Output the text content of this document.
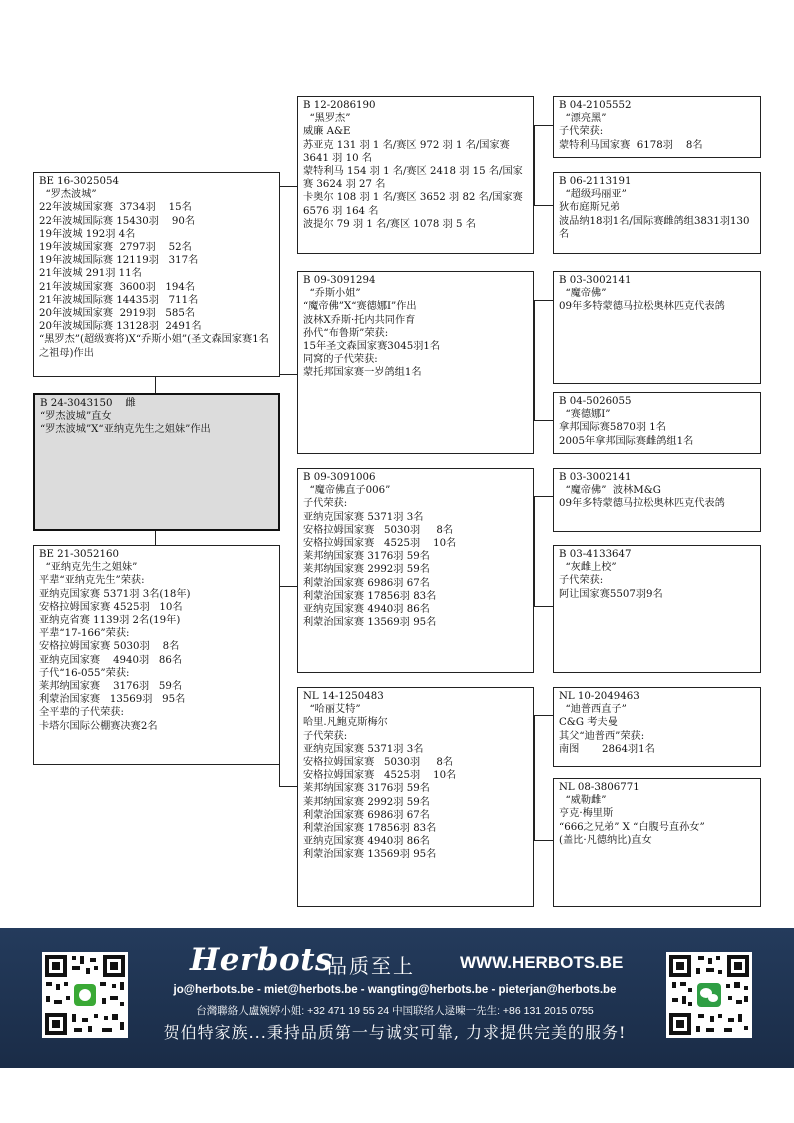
BE 16-3025054
“罗杰波城”
22年波城国家赛  3734羽    15名
22年波城国际赛 15430羽    90名
19年波城 192羽 4名
19年波城国家赛  2797羽    52名
19年波城国际赛 12119羽   317名
21年波城 291羽 11名
21年波城国家赛  3600羽   194名
21年波城国际赛 14435羽   711名
20年波城国家赛  2919羽   585名
20年波城国际赛 13128羽  2491名
“黑罗杰”(超级赛将)X“乔斯小姐”(圣文森国家赛1名之祖母)作出
B 24-3043150    雌
“罗杰波城”直女
“罗杰波城”X“亚纳克先生之姐妹”作出
BE 21-3052160
“亚纳克先生之姐妹”
平辈“亚纳克先生”荣获:
亚纳克国家赛 5371羽 3名(18年)
安格拉姆国家赛 4525羽   10名
亚纳克省赛 1139羽 2名(19年)
平辈“17-166”荣获:
安格拉姆国家赛 5030羽    8名
亚纳克国家赛    4940羽   86名
子代“16-055”荣获:
莱邦纳国家赛    3176羽   59名
利蒙治国家赛   13569羽   95名
全平辈的子代荣获:
卡塔尔国际公棚赛决赛2名
B 12-2086190
“黑罗杰”
威廉 A&E
苏亚克 131 羽 1 名/赛区 972 羽 1 名/国家赛 3641 羽 10 名
蒙特利马 154 羽 1 名/赛区 2418 羽 15 名/国家赛 3624 羽 27 名
卡奥尔 108 羽 1 名/赛区 3652 羽 82 名/国家赛 6576 羽 164 名
波提尔 79 羽 1 名/赛区 1078 羽 5 名
B 09-3091294
“乔斯小姐”
“魔帝佛”X“赛德娜I”作出
波林X乔斯·托内共同作育
孙代“布鲁斯”荣获:
15年圣文森国家赛3045羽1名
同窝的子代荣获:
蒙托邦国家赛一岁鸽组1名
B 09-3091006
“魔帝佛直子006”
子代荣获:
亚纳克国家赛 5371羽 3名
安格拉姆国家赛   5030羽     8名
安格拉姆国家赛   4525羽    10名
莱邦纳国家赛 3176羽 59名
莱邦纳国家赛 2992羽 59名
利蒙治国家赛 6986羽 67名
利蒙治国家赛 17856羽 83名
亚纳克国家赛 4940羽 86名
利蒙治国家赛 13569羽 95名
NL 14-1250483
“哈丽艾特”
哈里.凡鲍克斯梅尔
子代荣获:
亚纳克国家赛 5371羽 3名
安格拉姆国家赛   5030羽     8名
安格拉姆国家赛   4525羽    10名
莱邦纳国家赛 3176羽 59名
莱邦纳国家赛 2992羽 59名
利蒙治国家赛 6986羽 67名
利蒙治国家赛 17856羽 83名
亚纳克国家赛 4940羽 86名
利蒙治国家赛 13569羽 95名
B 04-2105552
“漂亮黑”
子代荣获:
蒙特利马国家赛  6178羽    8名
B 06-2113191
“超级玛丽亚”
狄布庭斯兄弟
波品纳18羽1名/国际赛雌鸽组3831羽130名
B 03-3002141
“魔帝佛”
09年多特蒙德马拉松奥林匹克代表鸽
B 04-5026055
“赛德娜I”
拿邦国际赛5870羽 1名
2005年拿邦国际赛雌鸽组1名
B 03-3002141
“魔帝佛”  波林M&G
09年多特蒙德马拉松奥林匹克代表鸽
B 03-4133647
“灰雌上校”
子代荣获:
阿让国家赛5507羽9名
NL 10-2049463
“迪普西直子”
C&G 考夫曼
其父“迪普西”荣获:
南图       2864羽1名
NL 08-3806771
“威勒雌”
亨克·梅里斯
“666之兄弟” X “白腹号直孙女”
(盖比·凡德纳比)直女
Herbots
品质至上	WWW.HERBOTS.BE
jo@herbots.be - miet@herbots.be - wangting@herbots.be - pieterjan@herbots.be
台灣聯絡人盧婉婷小姐: +32 471 19 55 24 中国联络人逯暕一先生: +86 131 2015 0755
贺伯特家族...秉持品质第一与诚实可靠, 力求提供完美的服务!
